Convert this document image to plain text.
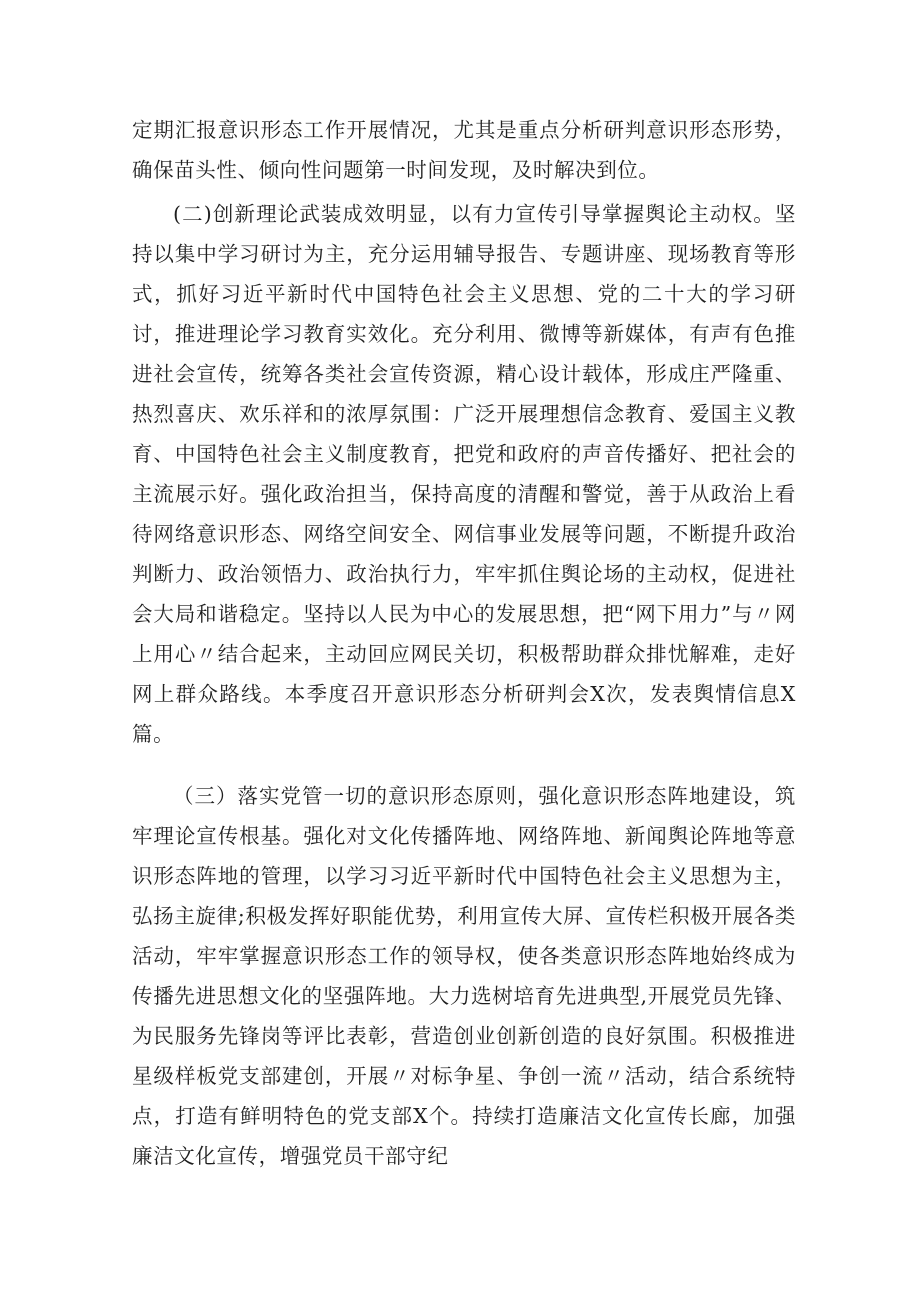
定期汇报意识形态工作开展情况，尤其是重点分析研判意识形态形势，确保苗头性、倾向性问题第一时间发现，及时解决到位。

(二)创新理论武装成效明显，以有力宣传引导掌握舆论主动权。坚持以集中学习研讨为主，充分运用辅导报告、专题讲座、现场教育等形式，抓好习近平新时代中国特色社会主义思想、党的二十大的学习研讨，推进理论学习教育实效化。充分利用、微博等新媒体，有声有色推进社会宣传，统筹各类社会宣传资源，精心设计载体，形成庄严隆重、热烈喜庆、欢乐祥和的浓厚氛围：广泛开展理想信念教育、爱国主义教育、中国特色社会主义制度教育，把党和政府的声音传播好、把社会的主流展示好。强化政治担当，保持高度的清醒和警觉，善于从政治上看待网络意识形态、网络空间安全、网信事业发展等问题，不断提升政治判断力、政治领悟力、政治执行力，牢牢抓住舆论场的主动权，促进社会大局和谐稳定。坚持以人民为中心的发展思想，把“网下用力”与〃网上用心〃结合起来，主动回应网民关切，积极帮助群众排忧解难，走好网上群众路线。本季度召开意识形态分析研判会X次，发表舆情信息X篇。

（三）落实党管一切的意识形态原则，强化意识形态阵地建设，筑牢理论宣传根基。强化对文化传播阵地、网络阵地、新闻舆论阵地等意识形态阵地的管理，以学习习近平新时代中国特色社会主义思想为主，弘扬主旋律;积极发挥好职能优势，利用宣传大屏、宣传栏积极开展各类活动，牢牢掌握意识形态工作的领导权，使各类意识形态阵地始终成为传播先进思想文化的坚强阵地。大力选树培育先进典型,开展党员先锋、为民服务先锋岗等评比表彰，营造创业创新创造的良好氛围。积极推进星级样板党支部建创，开展〃对标争星、争创一流〃活动，结合系统特点，打造有鲜明特色的党支部X个。持续打造廉洁文化宣传长廊，加强廉洁文化宣传，增强党员干部守纪
